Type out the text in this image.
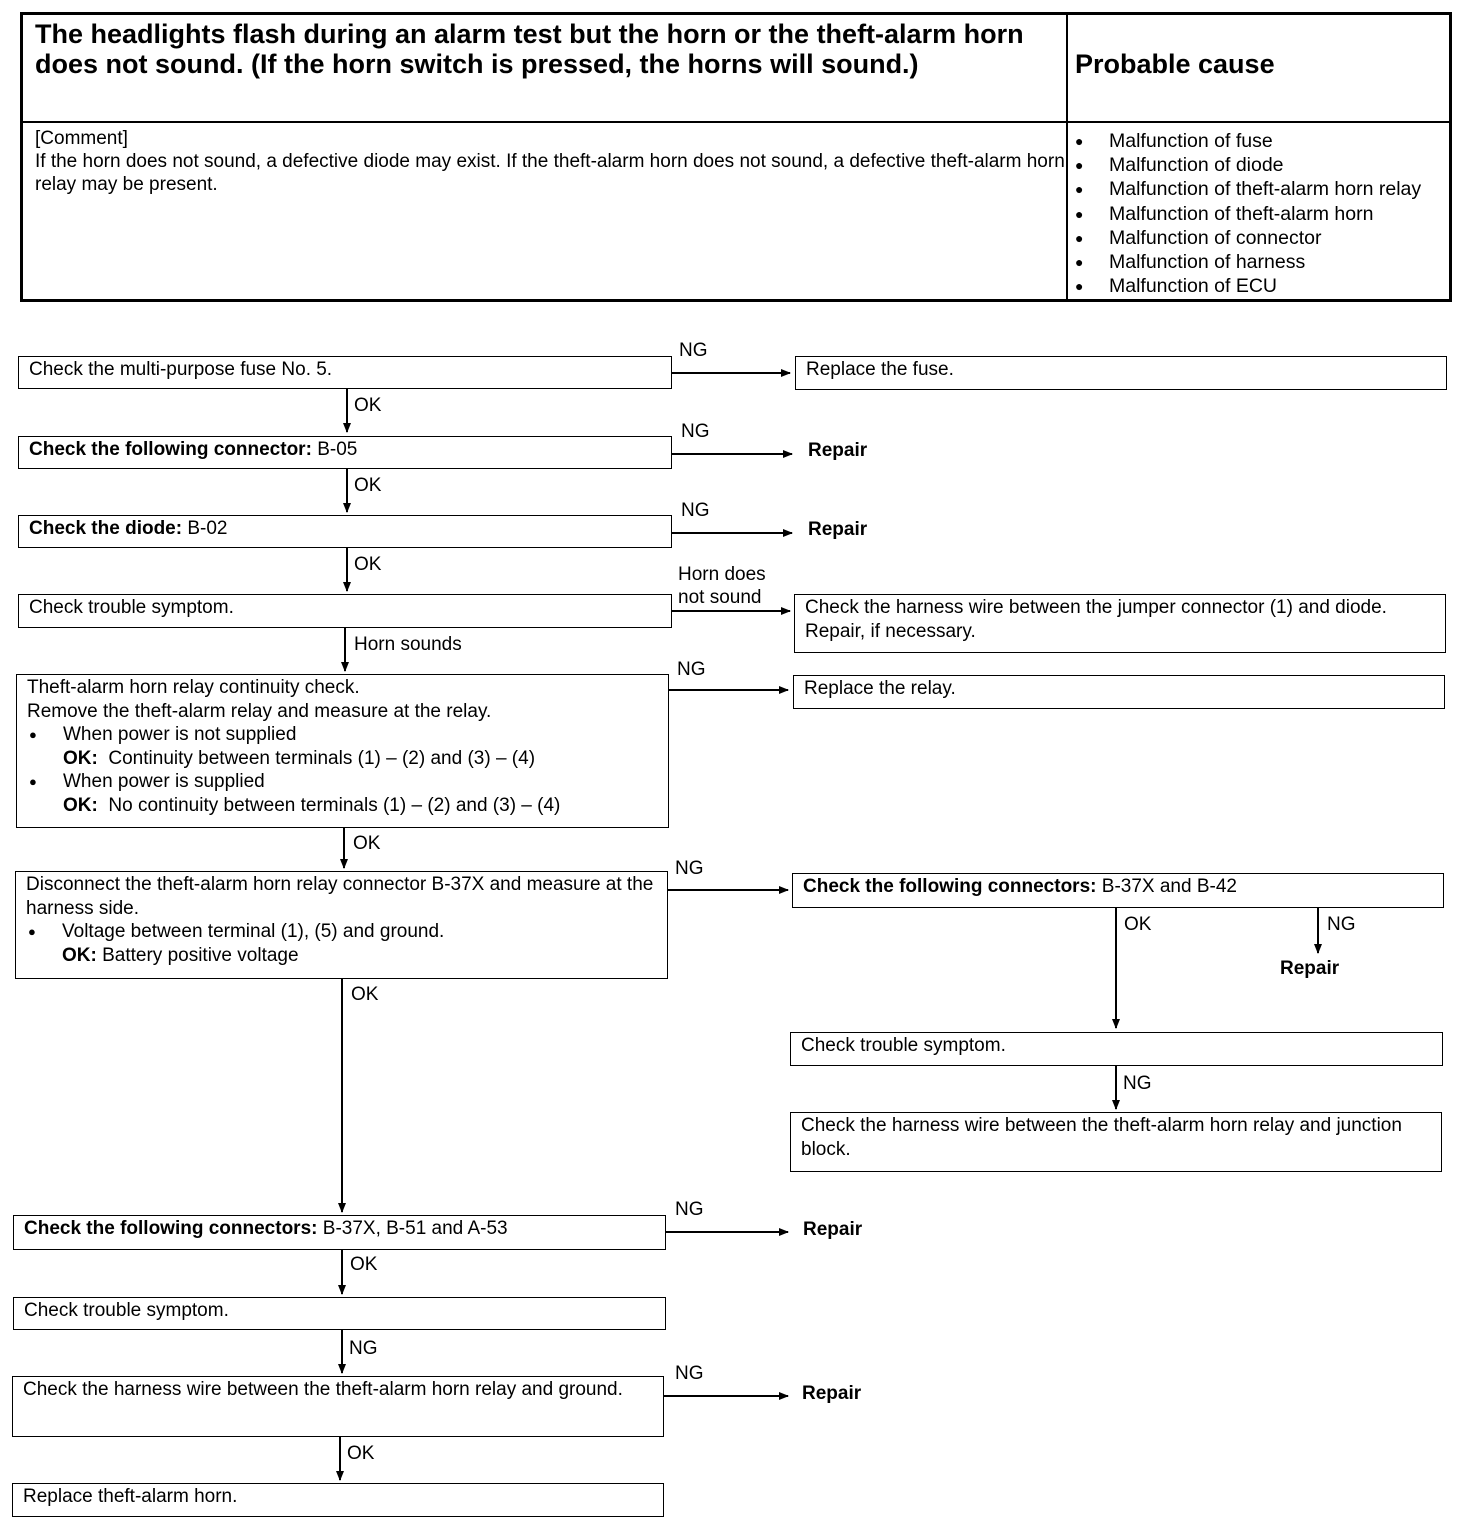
The headlights flash during an alarm test but the horn or the theft-alarm horn does not sound. (If the horn switch is pressed, the horns will sound.)	Probable cause
[Comment]
If the horn does not sound, a defective diode may exist. If the theft-alarm horn does not sound, a defective theft-alarm horn relay may be present.
● Malfunction of fuse
● Malfunction of diode
● Malfunction of theft-alarm horn relay
● Malfunction of theft-alarm horn
● Malfunction of connector
● Malfunction of harness
● Malfunction of ECU
Check the multi-purpose fuse No. 5.	Replace the fuse.
Check the following connector: B-05
Check the diode: B-02
Check trouble symptom.	Check the harness wire between the jumper connector (1) and diode. Repair, if necessary.
Theft-alarm horn relay continuity check.
Remove the theft-alarm relay and measure at the relay.
● When power is not supplied
OK: Continuity between terminals (1) – (2) and (3) – (4)
● When power is supplied
OK: No continuity between terminals (1) – (2) and (3) – (4)
Replace the relay.
Disconnect the theft-alarm horn relay connector B-37X and measure at the harness side.
● Voltage between terminal (1), (5) and ground.
OK: Battery positive voltage
Check the following connectors: B-37X and B-42
Check trouble symptom.
Check the harness wire between the theft-alarm horn relay and junction block.
Check the following connectors: B-37X, B-51 and A-53
Check trouble symptom.
Check the harness wire between the theft-alarm horn relay and ground.
Replace theft-alarm horn.
NG
OK
NG
Repair
OK
NG
Repair
OK	Horn does
not sound
Horn sounds
NG
OK
NG
OK
OK	NG
Repair
NG
NG
Repair
OK
NG
NG
Repair
OK
